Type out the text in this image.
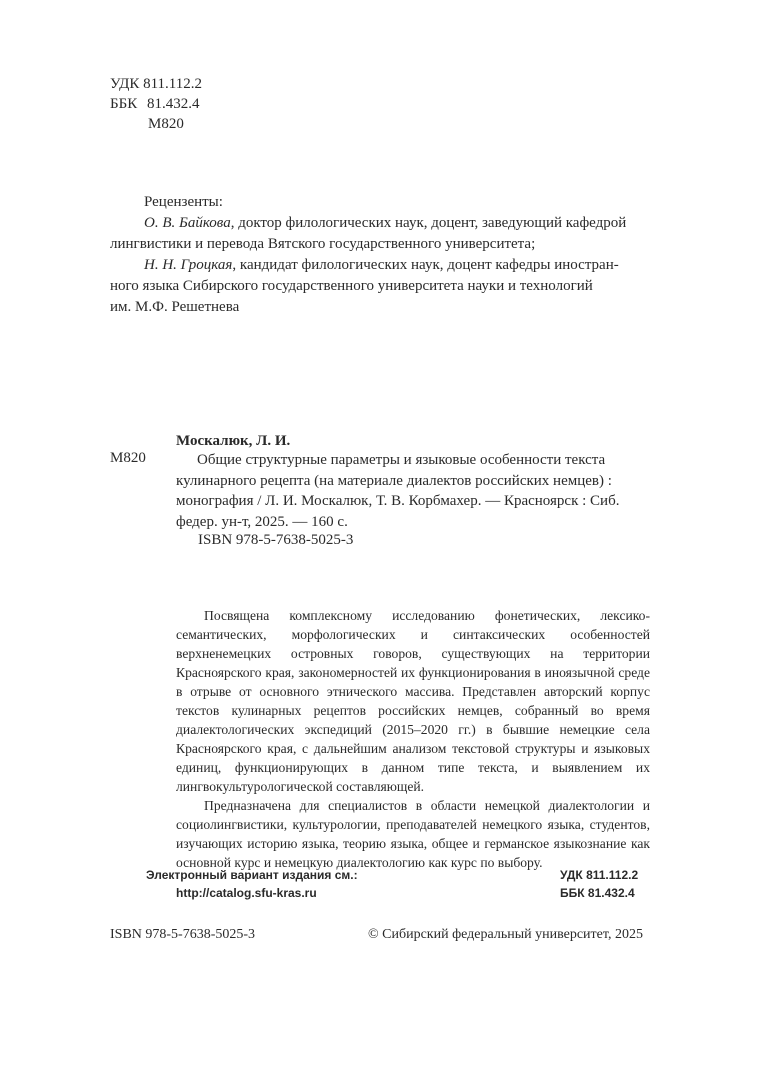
УДК 811.112.2
ББК 81.432.4
М820

Рецензенты:

О. В. Байкова, доктор филологических наук, доцент, заведующий кафедрой

лингвистики и перевода Вятского государственного университета;

Н. Н. Гроцкая, кандидат филологических наук, доцент кафедры иностран-

ного языка Сибирского государственного университета науки и технологий

им. М.Ф. Решетнева

Москалюк, Л. И.
М820	Общие структурные параметры и языковые особенности текста

кулинарного рецепта (на материале диалектов российских немцев) :

монография / Л. И. Москалюк, Т. В. Корбмахер. — Красноярск : Сиб.

федер. ун-т, 2025. — 160 с.

ISBN 978-5-7638-5025-3

Посвящена комплексному исследованию фонетических, лексико-семантических, морфологических и синтаксических особенностей верхненемецких островных говоров, существующих на территории Красноярского края, закономерностей их функционирования в иноязычной среде в отрыве от основного этнического массива. Представлен авторский корпус текстов кулинарных рецептов российских немцев, собранный во время диалектологических экспедиций (2015–2020 гг.) в бывшие немецкие села Красноярского края, с дальнейшим анализом текстовой структуры и языковых единиц, функционирующих в данном типе текста, и выявлением их лингвокультурологической составляющей.

Предназначена для специалистов в области немецкой диалектологии и социолингвистики, культурологии, преподавателей немецкого языка, студентов, изучающих историю языка, теорию языка, общее и германское языкознание как основной курс и немецкую диалектологию как курс по выбору.

Электронный вариант издания см.:
http://catalog.sfu-kras.ru
УДК 811.112.2
ББК 81.432.4
ISBN 978-5-7638-5025-3	© Сибирский федеральный университет, 2025
